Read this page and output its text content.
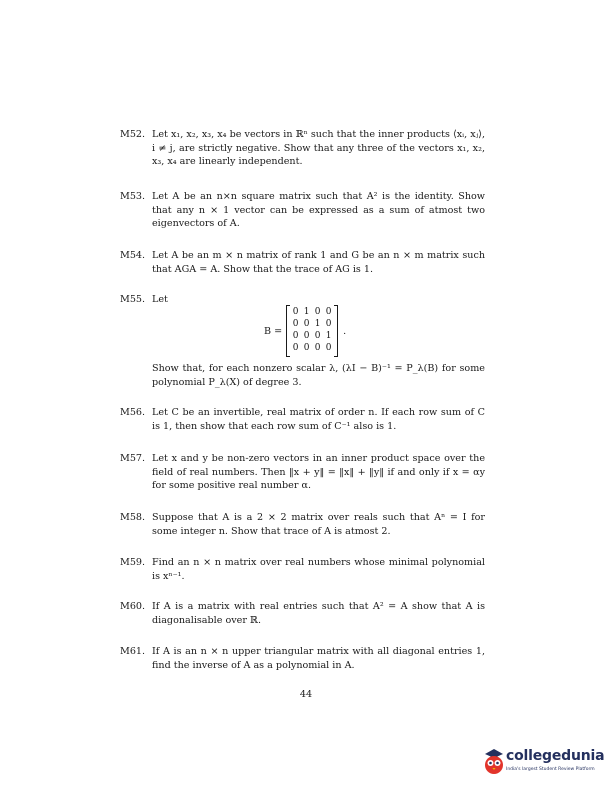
M52. Let x₁, x₂, x₃, x₄ be vectors in ℝⁿ such that the inner products ⟨xᵢ, xⱼ⟩, i ≠ j, are strictly negative. Show that any three of the vectors x₁, x₂, x₃, x₄ are linearly independent.

M53. Let A be an n×n square matrix such that A² is the identity. Show that any n × 1 vector can be expressed as a sum of atmost two eigenvectors of A.

M54. Let A be an m × n matrix of rank 1 and G be an n × m matrix such that AGA = A. Show that the trace of AG is 1.

M55. Let

B =
0 1 0 0
0 0 1 0
0 0 0 1
0 0 0 0
.

Show that, for each nonzero scalar λ, (λI − B)⁻¹ = P_λ(B) for some polynomial P_λ(X) of degree 3.

M56. Let C be an invertible, real matrix of order n. If each row sum of C is 1, then show that each row sum of C⁻¹ also is 1.

M57. Let x and y be non-zero vectors in an inner product space over the field of real numbers. Then ‖x + y‖ = ‖x‖ + ‖y‖ if and only if x = αy for some positive real number α.

M58. Suppose that A is a 2 × 2 matrix over reals such that Aⁿ = I for some integer n. Show that trace of A is atmost 2.

M59. Find an n × n matrix over real numbers whose minimal polynomial is xⁿ⁻¹.

M60. If A is a matrix with real entries such that A² = A show that A is diagonalisable over ℝ.

M61. If A is an n × n upper triangular matrix with all diagonal entries 1, find the inverse of A as a polynomial in A.

44
collegedunia
India's largest Student Review Platform
